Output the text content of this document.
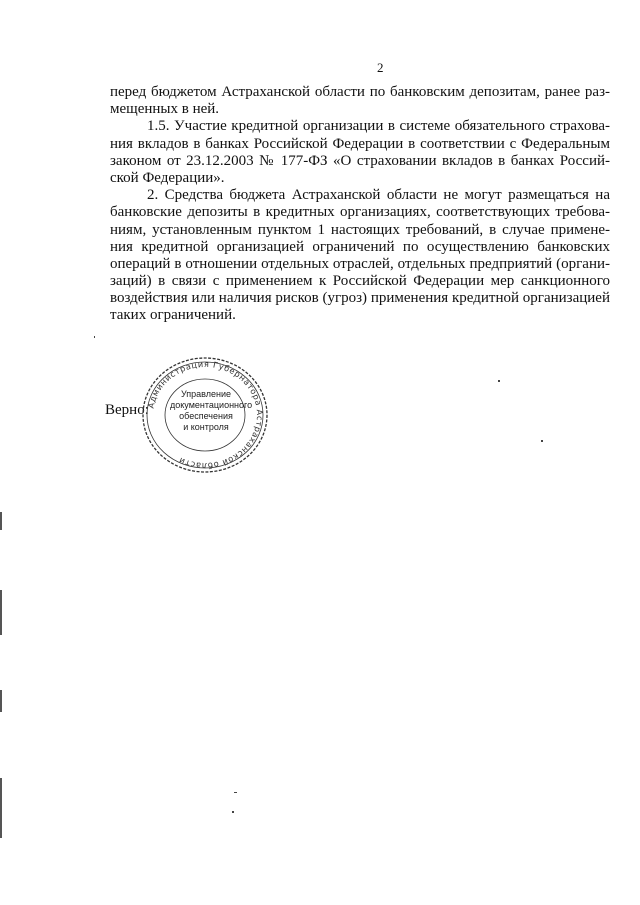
2
перед бюджетом Астраханской области по банковским депозитам, ранее раз-
мещенных в ней.
1.5. Участие кредитной организации в системе обязательного страхова-
ния вкладов в банках Российской Федерации в соответствии с Федеральным
законом от 23.12.2003 № 177-ФЗ «О страховании вкладов в банках Россий-
ской Федерации».
2. Средства бюджета Астраханской области не могут размещаться на
банковские депозиты в кредитных организациях, соответствующих требова-
ниям, установленным пунктом 1 настоящих требований, в случае примене-
ния кредитной организацией ограничений по осуществлению банковских
операций в отношении отдельных отраслей, отдельных предприятий (органи-
заций) в связи с применением к Российской Федерации мер санкционного
воздействия или наличия рисков (угроз) применения кредитной организацией
таких ограничений.
Верно:
Администрация Губернатора Астраханской области
Управление
документационного
обеспечения
и контроля
